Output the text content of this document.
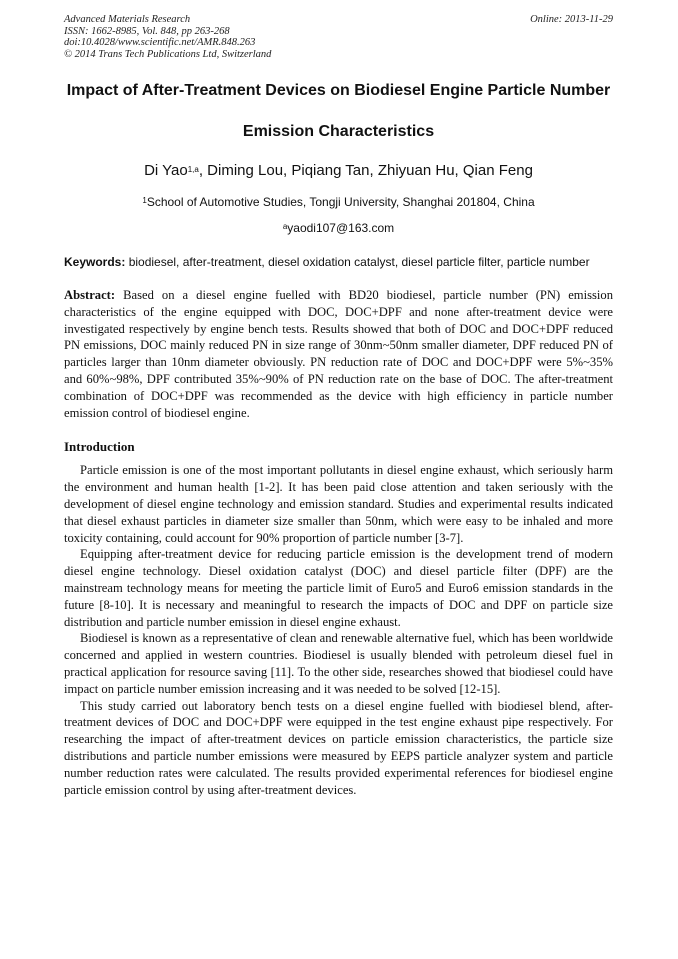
Advanced Materials Research
ISSN: 1662-8985, Vol. 848, pp 263-268
doi:10.4028/www.scientific.net/AMR.848.263
© 2014 Trans Tech Publications Ltd, Switzerland
Online: 2013-11-29
Impact of After-Treatment Devices on Biodiesel Engine Particle Number
Emission Characteristics
Di Yao$^{1,a}$, Diming Lou, Piqiang Tan, Zhiyuan Hu, Qian Feng
$^1$School of Automotive Studies, Tongji University, Shanghai 201804, China
$^a$yaodi107@163.com
Keywords: biodiesel, after-treatment, diesel oxidation catalyst, diesel particle filter, particle number
Abstract: Based on a diesel engine fuelled with BD20 biodiesel, particle number (PN) emission characteristics of the engine equipped with DOC, DOC+DPF and none after-treatment device were investigated respectively by engine bench tests. Results showed that both of DOC and DOC+DPF reduced PN emissions, DOC mainly reduced PN in size range of 30nm~50nm smaller diameter, DPF reduced PN of particles larger than 10nm diameter obviously. PN reduction rate of DOC and DOC+DPF were 5%~35% and 60%~98%, DPF contributed 35%~90% of PN reduction rate on the base of DOC. The after-treatment combination of DOC+DPF was recommended as the device with high efficiency in particle number emission control of biodiesel engine.
Introduction

Particle emission is one of the most important pollutants in diesel engine exhaust, which seriously harm the environment and human health [1-2]. It has been paid close attention and taken seriously with the development of diesel engine technology and emission standard. Studies and experimental results indicated that diesel exhaust particles in diameter size smaller than 50nm, which were easy to be inhaled and more toxicity containing, could account for 90% proportion of particle number [3-7].

Equipping after-treatment device for reducing particle emission is the development trend of modern diesel engine technology. Diesel oxidation catalyst (DOC) and diesel particle filter (DPF) are the mainstream technology means for meeting the particle limit of Euro5 and Euro6 emission standards in the future [8-10]. It is necessary and meaningful to research the impacts of DOC and DPF on particle size distribution and particle number emission in diesel engine exhaust.

Biodiesel is known as a representative of clean and renewable alternative fuel, which has been worldwide concerned and applied in western countries. Biodiesel is usually blended with petroleum diesel fuel in practical application for resource saving [11]. To the other side, researches showed that biodiesel could have impact on particle number emission increasing and it was needed to be solved [12-15].

This study carried out laboratory bench tests on a diesel engine fuelled with biodiesel blend, after-treatment devices of DOC and DOC+DPF were equipped in the test engine exhaust pipe respectively. For researching the impact of after-treatment devices on particle emission characteristics, the particle size distributions and particle number emissions were measured by EEPS particle analyzer system and particle number reduction rates were calculated. The results provided experimental references for biodiesel engine particle emission control by using after-treatment devices.
